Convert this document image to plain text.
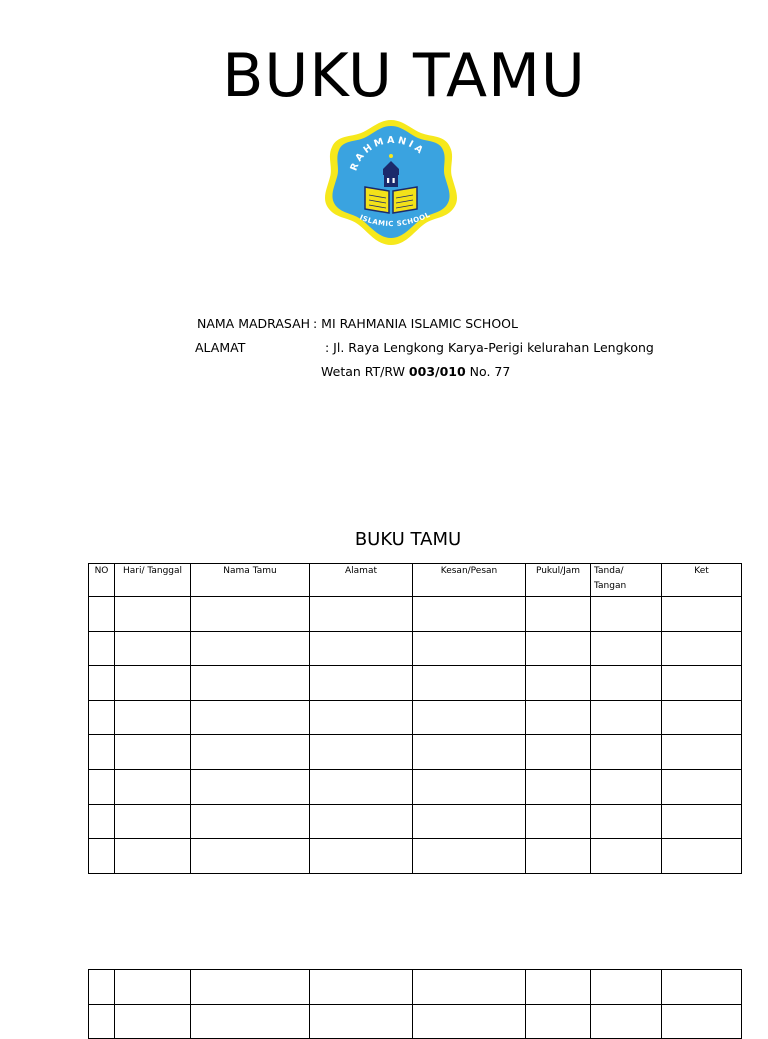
BUKU TAMU
RAHMANIA
ISLAMIC SCHOOL
NAMA MADRASAH : MI RAHMANIA ISLAMIC SCHOOL
ALAMAT	: Jl. Raya Lengkong Karya-Perigi kelurahan Lengkong
Wetan RT/RW 003/010 No. 77
BUKU TAMU
NO	Hari/ Tanggal	Nama Tamu	Alamat	Kesan/Pesan	Pukul/Jam	Tanda/ Tangan	Ket
